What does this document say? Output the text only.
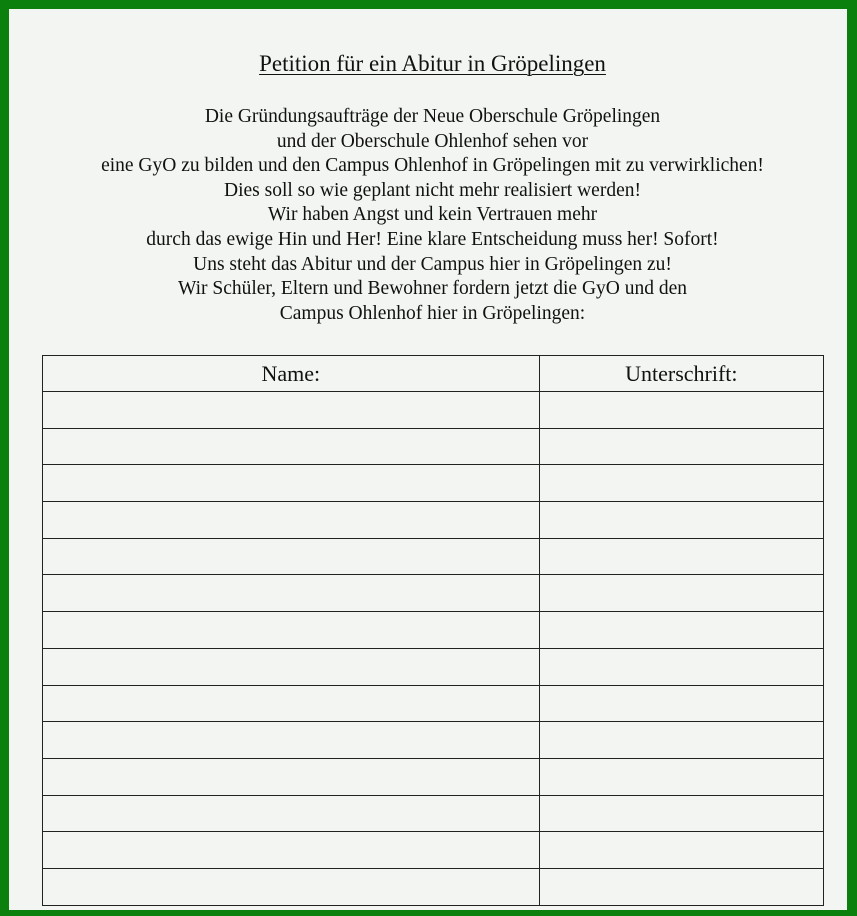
Petition für ein Abitur in Gröpelingen
Die Gründungsaufträge der Neue Oberschule Gröpelingen
und der Oberschule Ohlenhof sehen vor
eine GyO zu bilden und den Campus Ohlenhof in Gröpelingen mit zu verwirklichen!
Dies soll so wie geplant nicht mehr realisiert werden!
Wir haben Angst und kein Vertrauen mehr
durch das ewige Hin und Her! Eine klare Entscheidung muss her! Sofort!
Uns steht das Abitur und der Campus hier in Gröpelingen zu!
Wir Schüler, Eltern und Bewohner fordern jetzt die GyO und den
Campus Ohlenhof hier in Gröpelingen:
Name:	Unterschrift:
